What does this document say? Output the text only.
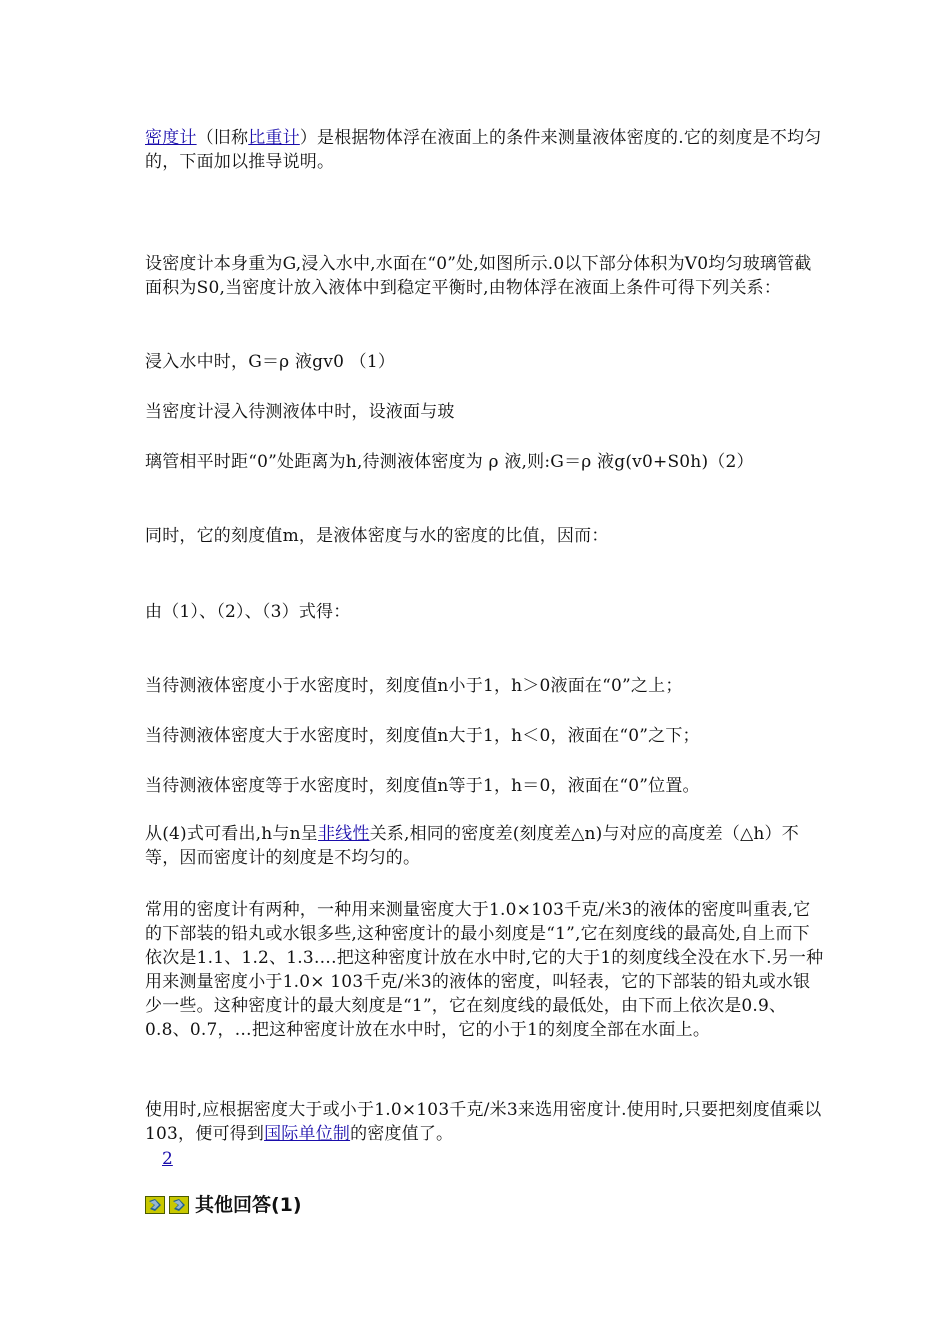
密度计（旧称比重计）是根据物体浮在液面上的条件来测量液体密度的.它的刻度是不均匀的，下面加以推导说明。

设密度计本身重为G,浸入水中,水面在“0”处,如图所示.0以下部分体积为V0均匀玻璃管截面积为S0,当密度计放入液体中到稳定平衡时,由物体浮在液面上条件可得下列关系：

浸入水中时，G＝ρ 液gv0 （1）

当密度计浸入待测液体中时，设液面与玻

璃管相平时距“0”处距离为h,待测液体密度为 ρ 液,则:G＝ρ 液g(v0+S0h)（2）

同时，它的刻度值m，是液体密度与水的密度的比值，因而：

由（1）、（2）、（3）式得：

当待测液体密度小于水密度时，刻度值n小于1，h＞0液面在“0”之上；

当待测液体密度大于水密度时，刻度值n大于1，h＜0，液面在“0”之下；

当待测液体密度等于水密度时，刻度值n等于1，h＝0，液面在“0”位置。

从(4)式可看出,h与n呈非线性关系,相同的密度差(刻度差△n)与对应的高度差（△h）不等，因而密度计的刻度是不均匀的。

常用的密度计有两种，一种用来测量密度大于1.0×103千克/米3的液体的密度叫重表,它的下部装的铅丸或水银多些,这种密度计的最小刻度是“1”,它在刻度线的最高处,自上而下依次是1.1、1.2、1.3….把这种密度计放在水中时,它的大于1的刻度线全没在水下.另一种用来测量密度小于1.0× 103千克/米3的液体的密度，叫轻表，它的下部装的铅丸或水银少一些。这种密度计的最大刻度是“1”，它在刻度线的最低处，由下而上依次是0.9、 0.8、0.7，…把这种密度计放在水中时，它的小于1的刻度全部在水面上。

使用时,应根据密度大于或小于1.0×103千克/米3来选用密度计.使用时,只要把刻度值乘以103，便可得到国际单位制的密度值了。

2
其他回答(1)
